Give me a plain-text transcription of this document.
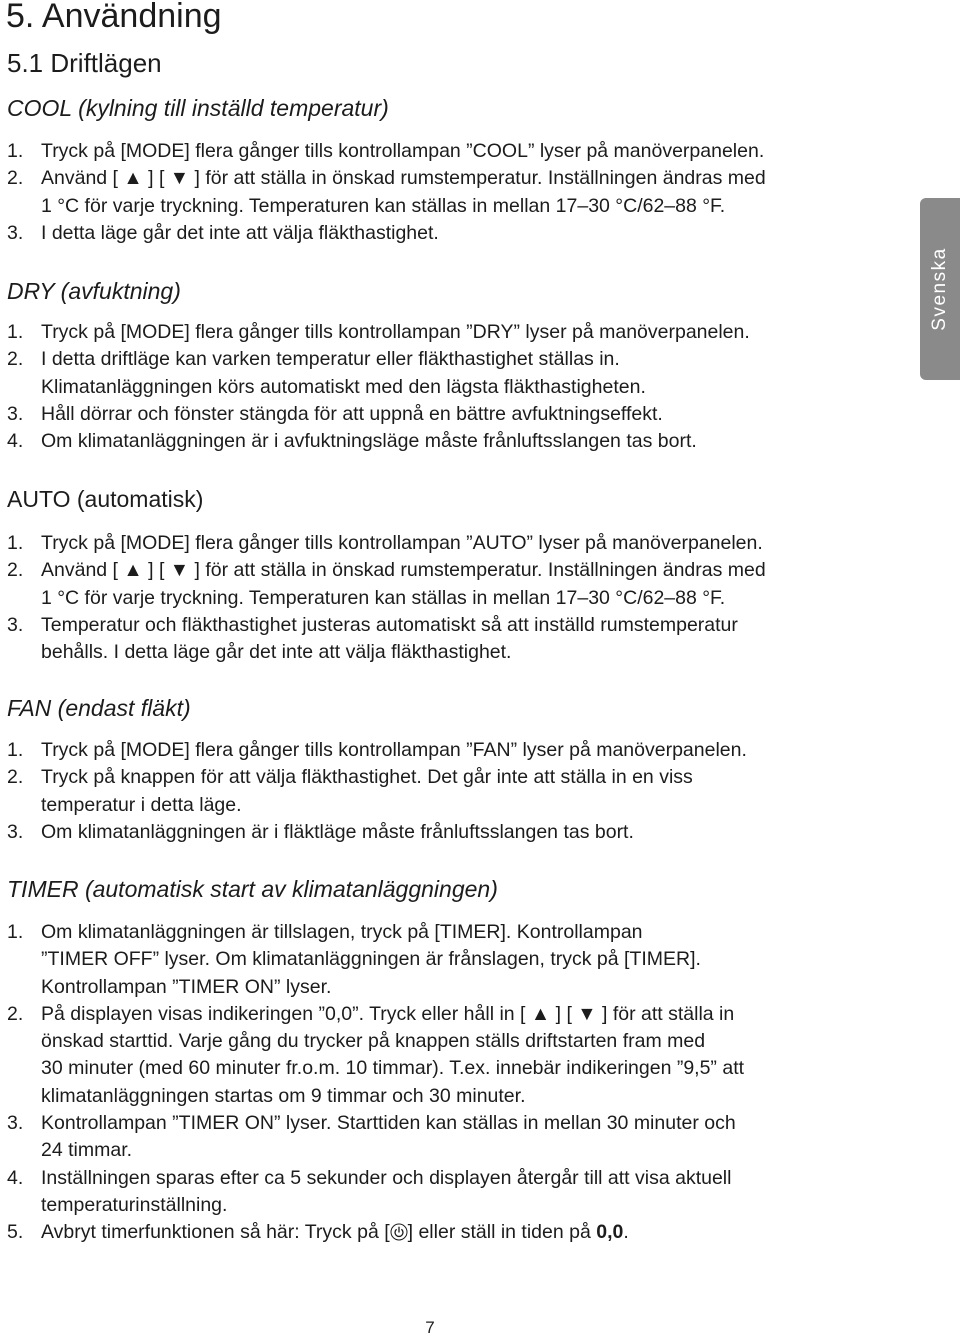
5. Användning
5.1 Driftlägen
COOL (kylning till inställd temperatur)
1. Tryck på [MODE] flera gånger tills kontrollampan ”COOL” lyser på manöverpanelen.
2. Använd [ ▲ ] [ ▼ ] för att ställa in önskad rumstemperatur. Inställningen ändras med
1 °C för varje tryckning. Temperaturen kan ställas in mellan 17–30 °C/62–88 °F.
3. I detta läge går det inte att välja fläkthastighet.
DRY (avfuktning)
1. Tryck på [MODE] flera gånger tills kontrollampan ”DRY” lyser på manöverpanelen.
2. I detta driftläge kan varken temperatur eller fläkthastighet ställas in.
Klimatanläggningen körs automatiskt med den lägsta fläkthastigheten.
3. Håll dörrar och fönster stängda för att uppnå en bättre avfuktningseffekt.
4. Om klimatanläggningen är i avfuktningsläge måste frånluftsslangen tas bort.
AUTO (automatisk)
1. Tryck på [MODE] flera gånger tills kontrollampan ”AUTO” lyser på manöverpanelen.
2. Använd [ ▲ ] [ ▼ ] för att ställa in önskad rumstemperatur. Inställningen ändras med
1 °C för varje tryckning. Temperaturen kan ställas in mellan 17–30 °C/62–88 °F.
3. Temperatur och fläkthastighet justeras automatiskt så att inställd rumstemperatur
behålls. I detta läge går det inte att välja fläkthastighet.
FAN (endast fläkt)
1. Tryck på [MODE] flera gånger tills kontrollampan ”FAN” lyser på manöverpanelen.
2. Tryck på knappen för att välja fläkthastighet. Det går inte att ställa in en viss
temperatur i detta läge.
3. Om klimatanläggningen är i fläktläge måste frånluftsslangen tas bort.
TIMER (automatisk start av klimatanläggningen)
1. Om klimatanläggningen är tillslagen, tryck på [TIMER]. Kontrollampan
”TIMER OFF” lyser. Om klimatanläggningen är frånslagen, tryck på [TIMER].
Kontrollampan ”TIMER ON” lyser.
2. På displayen visas indikeringen ”0,0”. Tryck eller håll in [ ▲ ] [ ▼ ] för att ställa in
önskad starttid. Varje gång du trycker på knappen ställs driftstarten fram med
30 minuter (med 60 minuter fr.o.m. 10 timmar). T.ex. innebär indikeringen ”9,5” att
klimatanläggningen startas om 9 timmar och 30 minuter.
3. Kontrollampan ”TIMER ON” lyser. Starttiden kan ställas in mellan 30 minuter och
24 timmar.
4. Inställningen sparas efter ca 5 sekunder och displayen återgår till att visa aktuell
temperaturinställning.
5. Avbryt timerfunktionen så här: Tryck på [ ] eller ställ in tiden på 0,0.
Svenska

7
